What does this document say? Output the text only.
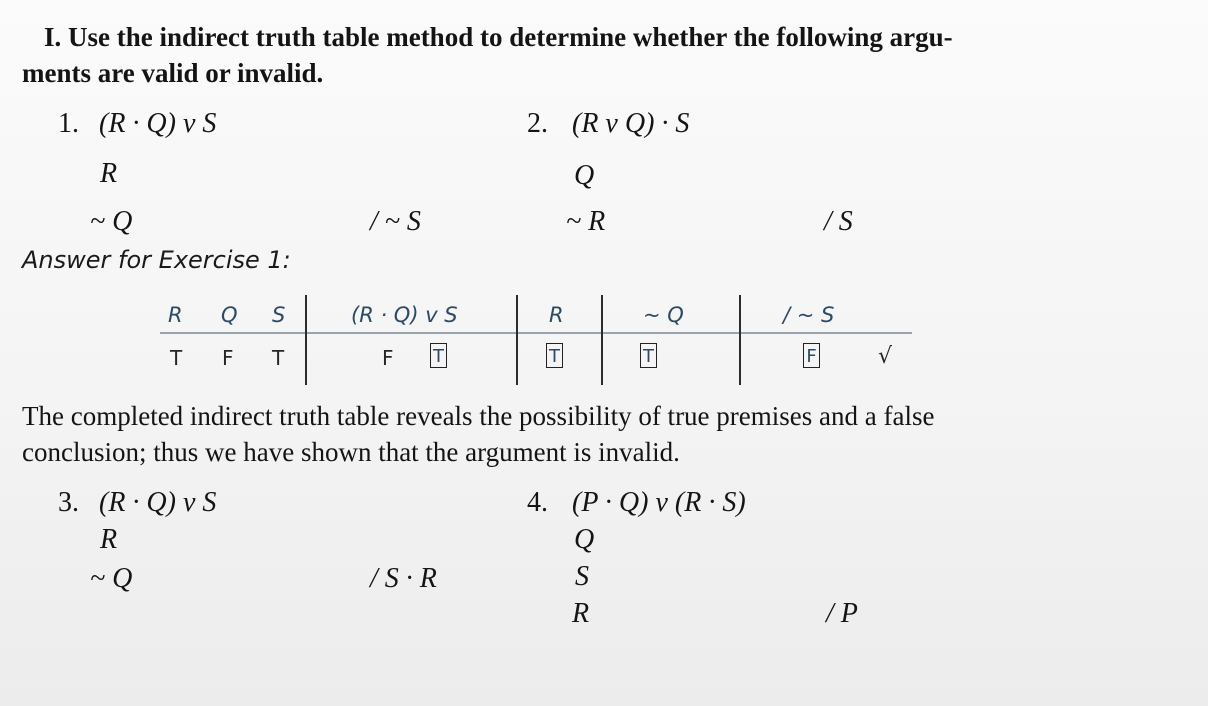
I. Use the indirect truth table method to determine whether the following argu-
ments are valid or invalid.
1. (R · Q) v S
R
~ Q	/ ~ S
2. (R v Q) · S
Q
~ R	/ S
Answer for Exercise 1:
R Q S	(R · Q) v S	R	~ Q	/ ~ S
T F T	F T	T	T	F	√
The completed indirect truth table reveals the possibility of true premises and a false
conclusion; thus we have shown that the argument is invalid.
3. (R · Q) v S
R
~ Q	/ S · R
4. (P · Q) v (R · S)
Q
S
R	/ P
